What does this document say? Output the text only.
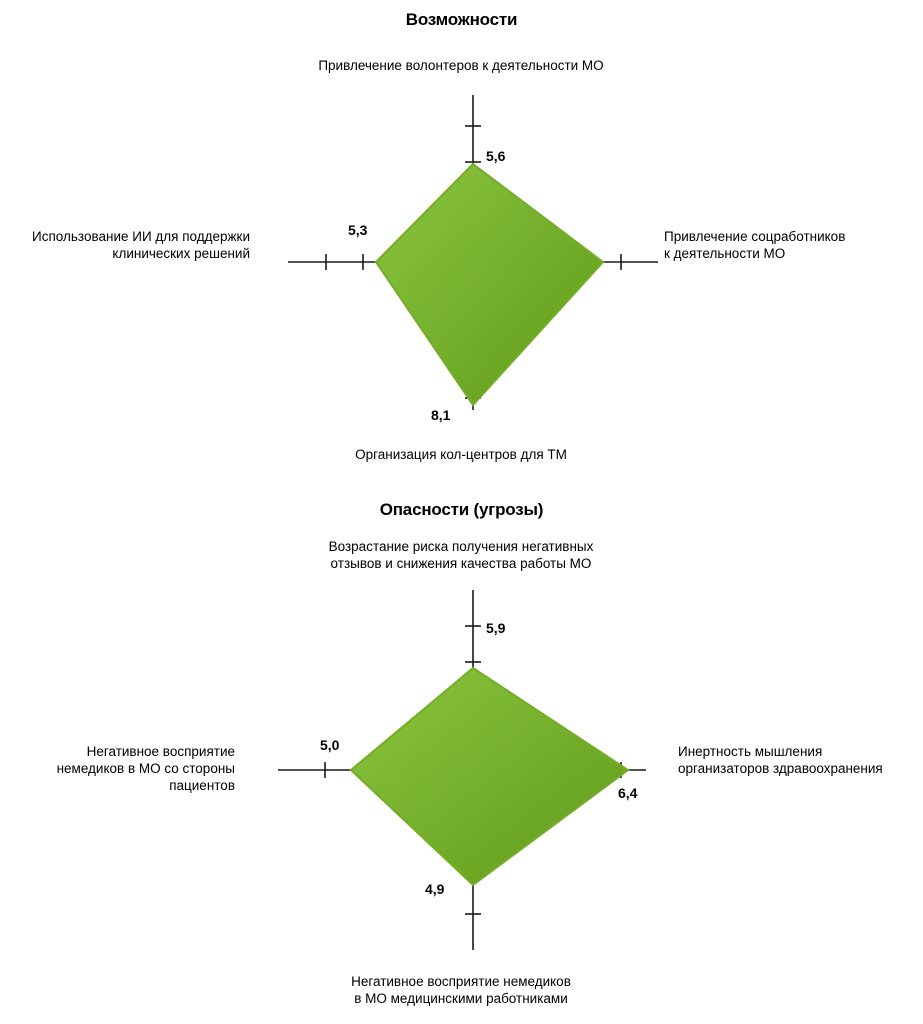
Возможности
Привлечение волонтеров к деятельности МО
Привлечение соцработников
к деятельности МО
Использование ИИ для поддержки
клинических решений
Организация кол-центров для ТМ
5,6
8,1
5,3
Опасности (угрозы)
Возрастание риска получения негативных
отзывов и снижения качества работы МО
Инертность мышления
организаторов здравоохранения
Негативное восприятие
немедиков в МО со стороны
пациентов
Негативное восприятие немедиков
в МО медицинскими работниками
5,9
6,4
4,9
5,0
